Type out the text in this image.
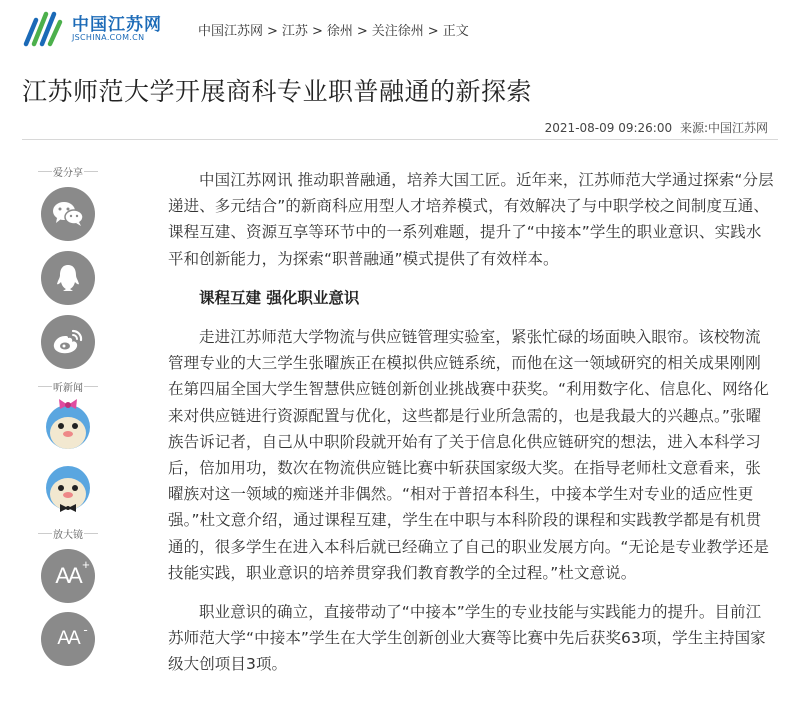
中国江苏网
JSCHINA.COM.CN	中国江苏网 > 江苏 > 徐州 > 关注徐州 > 正文
江苏师范大学开展商科专业职普融通的新探索
2021-08-09 09:26:00 来源:中国江苏网
爱分享
听新闻
放大镜
AA +
AA -

中国江苏网讯 推动职普融通，培养大国工匠。近年来，江苏师范大学通过探索“分层递进、多元结合”的新商科应用型人才培养模式，有效解决了与中职学校之间制度互通、课程互建、资源互享等环节中的一系列难题，提升了“中接本”学生的职业意识、实践水平和创新能力，为探索“职普融通”模式提供了有效样本。

课程互建 强化职业意识

走进江苏师范大学物流与供应链管理实验室，紧张忙碌的场面映入眼帘。该校物流管理专业的大三学生张曜族正在模拟供应链系统，而他在这一领域研究的相关成果刚刚在第四届全国大学生智慧供应链创新创业挑战赛中获奖。“利用数字化、信息化、网络化来对供应链进行资源配置与优化，这些都是行业所急需的，也是我最大的兴趣点。”张曜族告诉记者，自己从中职阶段就开始有了关于信息化供应链研究的想法，进入本科学习后，倍加用功，数次在物流供应链比赛中斩获国家级大奖。在指导老师杜文意看来，张曜族对这一领域的痴迷并非偶然。“相对于普招本科生，中接本学生对专业的适应性更强。”杜文意介绍，通过课程互建，学生在中职与本科阶段的课程和实践教学都是有机贯通的，很多学生在进入本科后就已经确立了自己的职业发展方向。“无论是专业教学还是技能实践，职业意识的培养贯穿我们教育教学的全过程。”杜文意说。

职业意识的确立，直接带动了“中接本”学生的专业技能与实践能力的提升。目前江苏师范大学“中接本”学生在大学生创新创业大赛等比赛中先后获奖63项，学生主持国家级大创项目3项。
